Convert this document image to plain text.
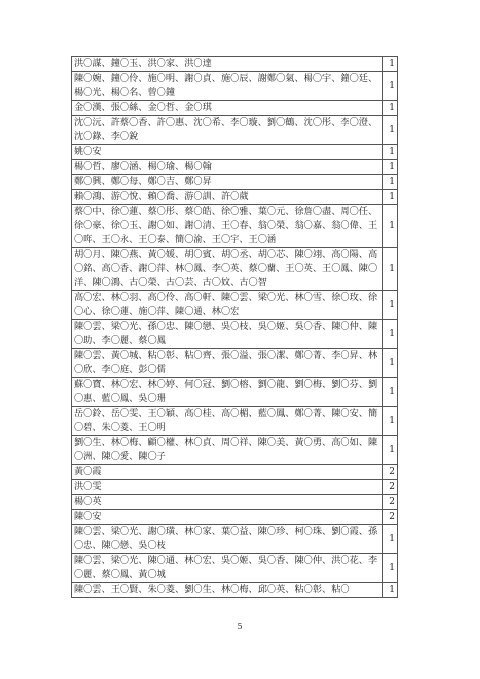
洪〇謀、鐘〇玉、洪〇家、洪〇達	1
陳〇婉、鐘〇伶、施〇明、謝〇貞、施〇辰、謝鄭〇氣、楊〇宇、鐘〇廷、楊〇光、楊〇名、曾〇鐘	1
金〇漢、張〇絲、金〇哲、金〇琪	1
沈〇沅、許蔡〇香、許〇惠、沈〇希、李〇璇、劉〇鶴、沈〇彤、李〇澄、沈〇錄、李〇銳	1
姚〇安	1
楊〇哲、廖〇涵、楊〇瑜、楊〇翰	1
鄭〇興、鄭〇每、鄭〇吉、鄭〇昇	1
賴〇鴻、游〇悅、賴〇喬、游〇訓、許〇葳	1
蔡〇中、徐〇蓮、蔡〇彤、蔡〇皓、徐〇雅、葉〇元、徐詹〇盡、周〇任、徐〇豪、徐〇玉、謝〇如、謝〇清、王〇春、翁〇榮、翁〇嘉、翁〇偉、王〇哖、王〇永、王〇泰、簡〇渝、王〇宇、王〇涵	1
胡〇月、陳〇燕、黃〇媛、胡〇賓、胡〇丞、胡〇芯、陳〇翊、高〇陽、高〇銘、高〇香、謝〇萍、林〇鳳、李〇英、蔡〇蘭、王〇英、王〇鳳、陳〇洋、陳〇鴻、古〇榮、古〇芸、古〇妏、古〇智	1
高〇宏、林〇羽、高〇伶、高〇軒、陳〇雲、梁〇光、林〇雪、徐〇玫、徐〇心、徐〇蓮、施〇萍、陳〇通、林〇宏	1
陳〇雲、梁〇光、孫〇忠、陳〇戀、吳〇枝、吳〇姬、吳〇香、陳〇仲、陳〇助、李〇麗、蔡〇鳳	1
陳〇雲、黃〇城、粘〇彰、粘〇齊、張〇溢、張〇潔、鄭〇菁、李〇昇、林〇欣、李〇庭、彭〇儒	1
蘇〇寶、林〇宏、林〇婷、何〇冠、劉〇榕、劉〇龍、劉〇梅、劉〇芬、劉〇惠、藍〇鳳、吳〇珊	1
岳〇鈴、岳〇雯、王〇穎、高〇桂、高〇楣、藍〇鳳、鄭〇菁、陳〇安、簡〇碧、朱〇菱、王〇明	1
劉〇生、林〇梅、顧〇權、林〇貞、周〇祥、陳〇美、黃〇勇、高〇如、陳〇洲、陳〇愛、陳〇子	1
黃〇霞	2
洪〇雯	2
楊〇英	2
陳〇安	2
陳〇雲、梁〇光、謝〇璜、林〇家、葉〇益、陳〇珍、柯〇珠、劉〇霞、孫〇忠、陳〇戀、吳〇枝	1
陳〇雲、梁〇光、陳〇通、林〇宏、吳〇姬、吳〇香、陳〇仲、洪〇花、李〇麗、蔡〇鳳、黃〇城	1
陳〇雲、王〇賢、朱〇菱、劉〇生、林〇梅、邱〇英、粘〇彰、粘〇	1
5
